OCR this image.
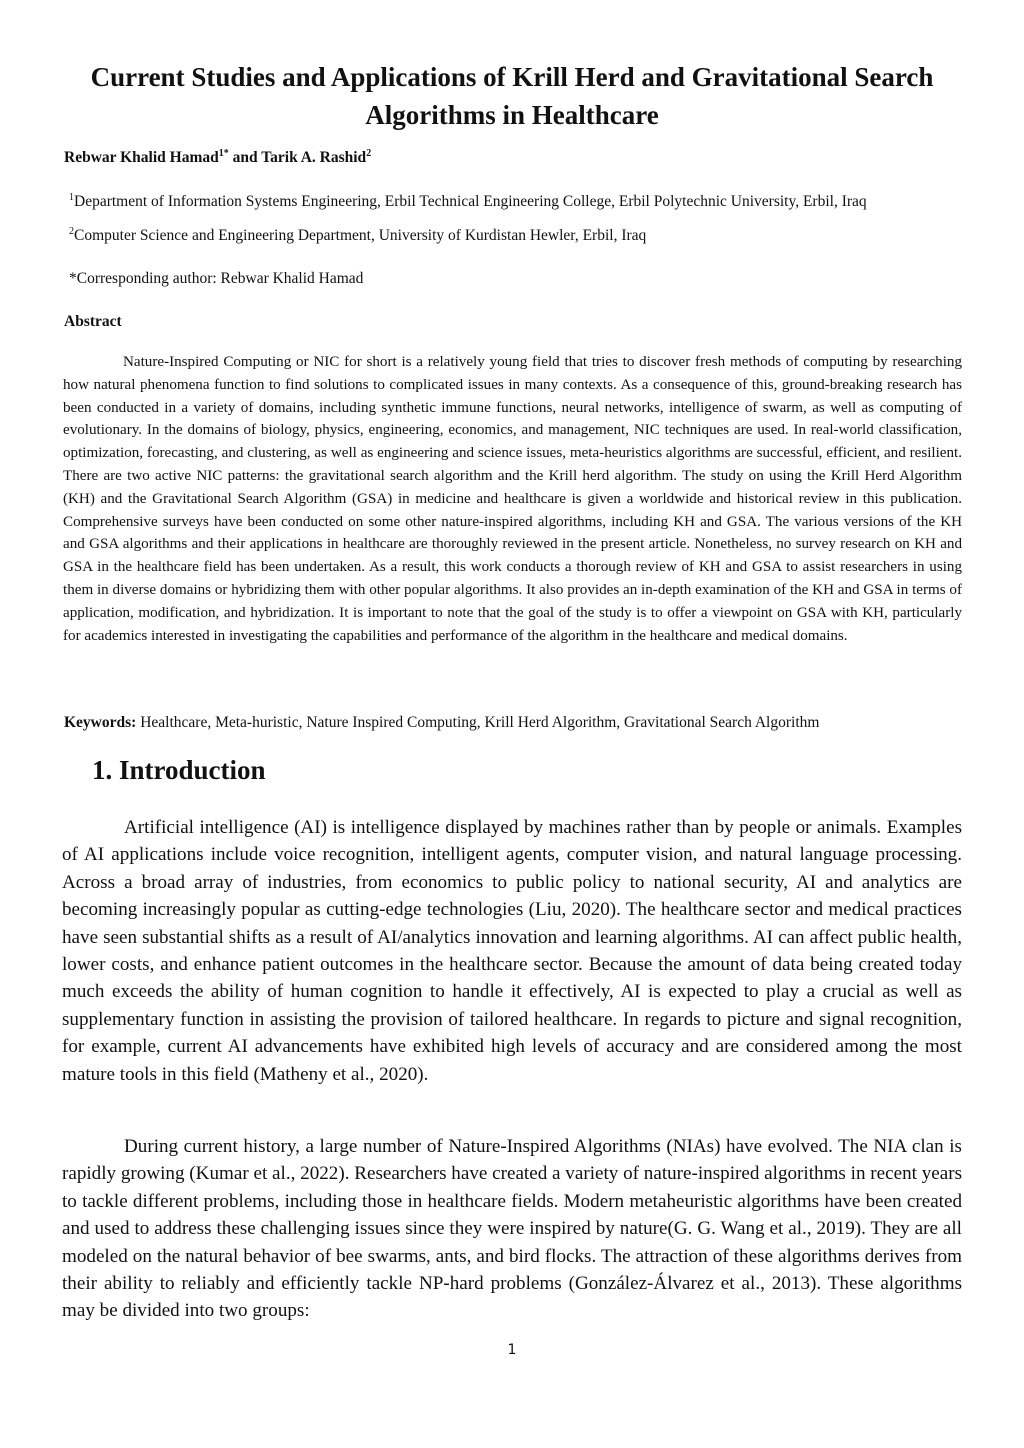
Current Studies and Applications of Krill Herd and Gravitational Search Algorithms in Healthcare

Rebwar Khalid Hamad$^{1*}$ and Tarik A. Rashid$^2$

$^1$Department of Information Systems Engineering, Erbil Technical Engineering College, Erbil Polytechnic University, Erbil, Iraq

$^2$Computer Science and Engineering Department, University of Kurdistan Hewler, Erbil, Iraq

*Corresponding author: Rebwar Khalid Hamad

Abstract

Nature-Inspired Computing or NIC for short is a relatively young field that tries to discover fresh methods of computing by researching how natural phenomena function to find solutions to complicated issues in many contexts. As a consequence of this, ground-breaking research has been conducted in a variety of domains, including synthetic immune functions, neural networks, intelligence of swarm, as well as computing of evolutionary. In the domains of biology, physics, engineering, economics, and management, NIC techniques are used. In real-world classification, optimization, forecasting, and clustering, as well as engineering and science issues, meta-heuristics algorithms are successful, efficient, and resilient. There are two active NIC patterns: the gravitational search algorithm and the Krill herd algorithm. The study on using the Krill Herd Algorithm (KH) and the Gravitational Search Algorithm (GSA) in medicine and healthcare is given a worldwide and historical review in this publication. Comprehensive surveys have been conducted on some other nature-inspired algorithms, including KH and GSA. The various versions of the KH and GSA algorithms and their applications in healthcare are thoroughly reviewed in the present article. Nonetheless, no survey research on KH and GSA in the healthcare field has been undertaken. As a result, this work conducts a thorough review of KH and GSA to assist researchers in using them in diverse domains or hybridizing them with other popular algorithms. It also provides an in-depth examination of the KH and GSA in terms of application, modification, and hybridization. It is important to note that the goal of the study is to offer a viewpoint on GSA with KH, particularly for academics interested in investigating the capabilities and performance of the algorithm in the healthcare and medical domains.

Keywords: Healthcare, Meta-huristic, Nature Inspired Computing, Krill Herd Algorithm, Gravitational Search Algorithm

1. Introduction

Artificial intelligence (AI) is intelligence displayed by machines rather than by people or animals. Examples of AI applications include voice recognition, intelligent agents, computer vision, and natural language processing. Across a broad array of industries, from economics to public policy to national security, AI and analytics are becoming increasingly popular as cutting-edge technologies (Liu, 2020). The healthcare sector and medical practices have seen substantial shifts as a result of AI/analytics innovation and learning algorithms. AI can affect public health, lower costs, and enhance patient outcomes in the healthcare sector. Because the amount of data being created today much exceeds the ability of human cognition to handle it effectively, AI is expected to play a crucial as well as supplementary function in assisting the provision of tailored healthcare. In regards to picture and signal recognition, for example, current AI advancements have exhibited high levels of accuracy and are considered among the most mature tools in this field (Matheny et al., 2020).

During current history, a large number of Nature-Inspired Algorithms (NIAs) have evolved. The NIA clan is rapidly growing (Kumar et al., 2022). Researchers have created a variety of nature-inspired algorithms in recent years to tackle different problems, including those in healthcare fields. Modern metaheuristic algorithms have been created and used to address these challenging issues since they were inspired by nature(G. G. Wang et al., 2019). They are all modeled on the natural behavior of bee swarms, ants, and bird flocks. The attraction of these algorithms derives from their ability to reliably and efficiently tackle NP-hard problems (González-Álvarez et al., 2013). These algorithms may be divided into two groups:

1
